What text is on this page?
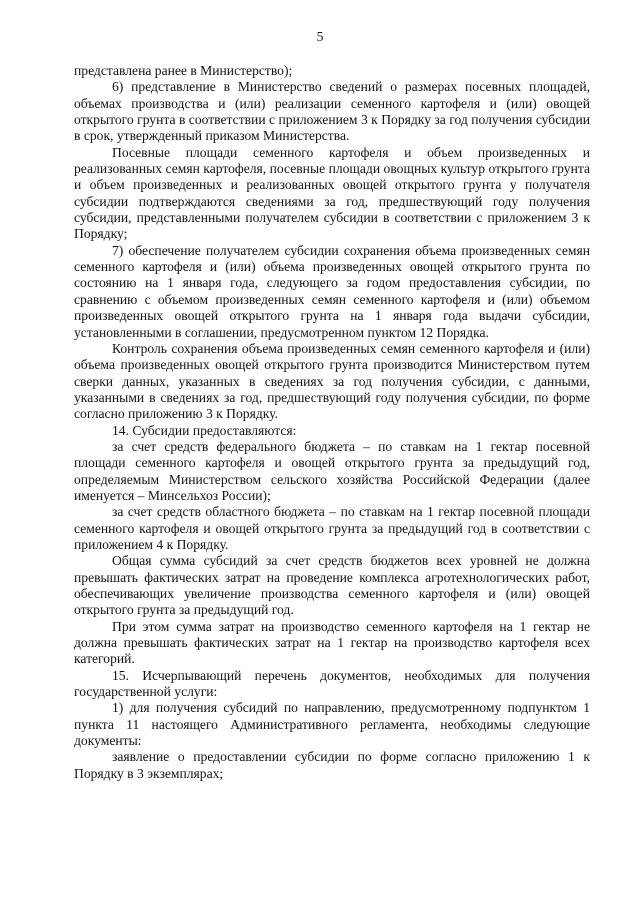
5

представлена ранее в Министерство);

6) представление в Министерство сведений о размерах посевных площадей, объемах производства и (или) реализации семенного картофеля и (или) овощей открытого грунта в соответствии с приложением 3 к Порядку за год получения субсидии в срок, утвержденный приказом Министерства.

Посевные площади семенного картофеля и объем произведенных и реализованных семян картофеля, посевные площади овощных культур открытого грунта и объем произведенных и реализованных овощей открытого грунта у получателя субсидии подтверждаются сведениями за год, предшествующий году получения субсидии, представленными получателем субсидии в соответствии с приложением 3 к Порядку;

7) обеспечение получателем субсидии сохранения объема произведенных семян семенного картофеля и (или) объема произведенных овощей открытого грунта по состоянию на 1 января года, следующего за годом предоставления субсидии, по сравнению с объемом произведенных семян семенного картофеля и (или) объемом произведенных овощей открытого грунта на 1 января года выдачи субсидии, установленными в соглашении, предусмотренном пунктом 12 Порядка.

Контроль сохранения объема произведенных семян семенного картофеля и (или) объема произведенных овощей открытого грунта производится Министерством путем сверки данных, указанных в сведениях за год получения субсидии, с данными, указанными в сведениях за год, предшествующий году получения субсидии, по форме согласно приложению 3 к Порядку.

14. Субсидии предоставляются:

за счет средств федерального бюджета – по ставкам на 1 гектар посевной площади семенного картофеля и овощей открытого грунта за предыдущий год, определяемым Министерством сельского хозяйства Российской Федерации (далее именуется – Минсельхоз России);

за счет средств областного бюджета – по ставкам на 1 гектар посевной площади семенного картофеля и овощей открытого грунта за предыдущий год в соответствии с приложением 4 к Порядку.

Общая сумма субсидий за счет средств бюджетов всех уровней не должна превышать фактических затрат на проведение комплекса агротехнологических работ, обеспечивающих увеличение производства семенного картофеля и (или) овощей открытого грунта за предыдущий год.

При этом сумма затрат на производство семенного картофеля на 1 гектар не должна превышать фактических затрат на 1 гектар на производство картофеля всех категорий.

15. Исчерпывающий перечень документов, необходимых для получения государственной услуги:

1) для получения субсидий по направлению, предусмотренному подпунктом 1 пункта 11 настоящего Административного регламента, необходимы следующие документы:

заявление о предоставлении субсидии по форме согласно приложению 1 к Порядку в 3 экземплярах;
